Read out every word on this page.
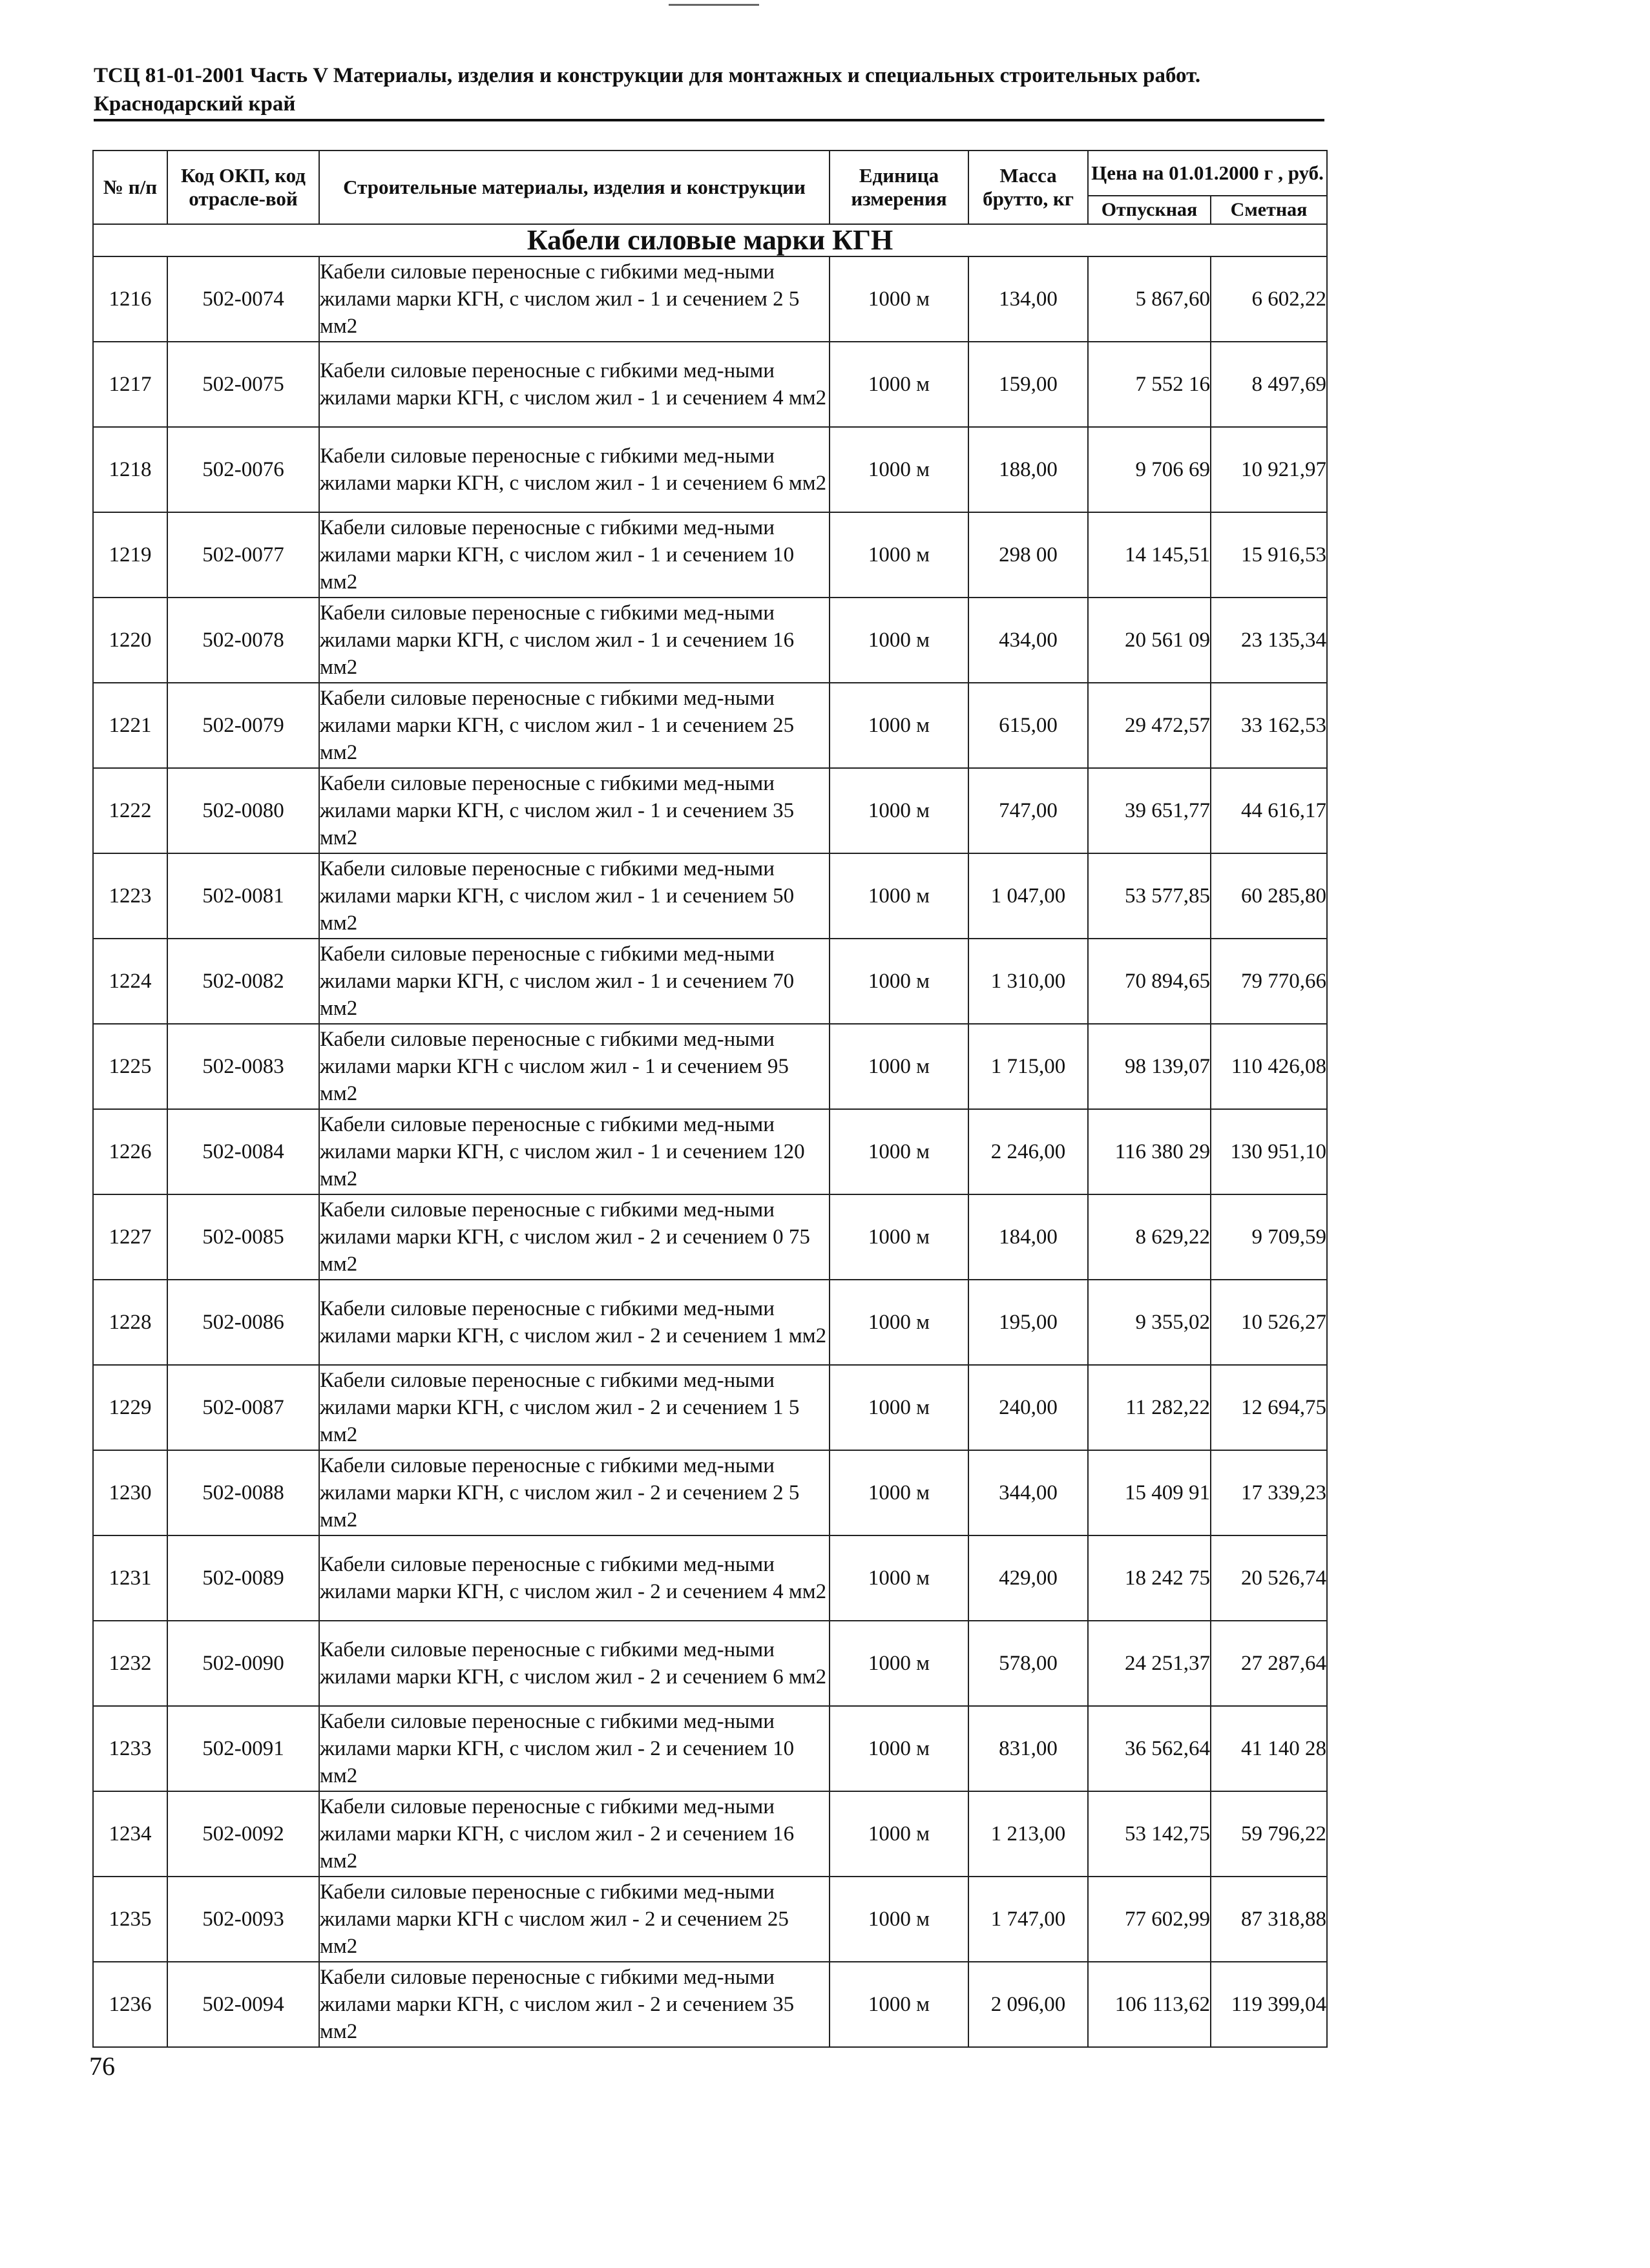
ТСЦ 81-01-2001 Часть V Материалы, изделия и конструкции для монтажных и специальных строительных работ.
Краснодарский край
№ п/п	Код ОКП, код отрасле-вой	Строительные материалы, изделия и конструкции	Единица измерения	Масса брутто, кг	Цена на 01.01.2000 г , руб.	
					Отпускная	Сметная
Кабели силовые марки КГН						
1216	502-0074	Кабели силовые переносные с гибкими мед-ными жилами марки КГН, с числом жил - 1 и сечением 2 5 мм2	1000 м	134,00	5 867,60	6 602,22
1217	502-0075	Кабели силовые переносные с гибкими мед-ными жилами марки КГН, с числом жил - 1 и сечением 4 мм2	1000 м	159,00	7 552 16	8 497,69
1218	502-0076	Кабели силовые переносные с гибкими мед-ными жилами марки КГН, с числом жил - 1 и сечением 6 мм2	1000 м	188,00	9 706 69	10 921,97
1219	502-0077	Кабели силовые переносные с гибкими мед-ными жилами марки КГН, с числом жил - 1 и сечением 10 мм2	1000 м	298 00	14 145,51	15 916,53
1220	502-0078	Кабели силовые переносные с гибкими мед-ными жилами марки КГН, с числом жил - 1 и сечением 16 мм2	1000 м	434,00	20 561 09	23 135,34
1221	502-0079	Кабели силовые переносные с гибкими мед-ными жилами марки КГН, с числом жил - 1 и сечением 25 мм2	1000 м	615,00	29 472,57	33 162,53
1222	502-0080	Кабели силовые переносные с гибкими мед-ными жилами марки КГН, с числом жил - 1 и сечением 35 мм2	1000 м	747,00	39 651,77	44 616,17
1223	502-0081	Кабели силовые переносные с гибкими мед-ными жилами марки КГН, с числом жил - 1 и сечением 50 мм2	1000 м	1 047,00	53 577,85	60 285,80
1224	502-0082	Кабели силовые переносные с гибкими мед-ными жилами марки КГН, с числом жил - 1 и сечением 70 мм2	1000 м	1 310,00	70 894,65	79 770,66
1225	502-0083	Кабели силовые переносные с гибкими мед-ными жилами марки КГН с числом жил - 1 и сечением 95 мм2	1000 м	1 715,00	98 139,07	110 426,08
1226	502-0084	Кабели силовые переносные с гибкими мед-ными жилами марки КГН, с числом жил - 1 и сечением 120 мм2	1000 м	2 246,00	116 380 29	130 951,10
1227	502-0085	Кабели силовые переносные с гибкими мед-ными жилами марки КГН, с числом жил - 2 и сечением 0 75 мм2	1000 м	184,00	8 629,22	9 709,59
1228	502-0086	Кабели силовые переносные с гибкими мед-ными жилами марки КГН, с числом жил - 2 и сечением 1 мм2	1000 м	195,00	9 355,02	10 526,27
1229	502-0087	Кабели силовые переносные с гибкими мед-ными жилами марки КГН, с числом жил - 2 и сечением 1 5 мм2	1000 м	240,00	11 282,22	12 694,75
1230	502-0088	Кабели силовые переносные с гибкими мед-ными жилами марки КГН, с числом жил - 2 и сечением 2 5 мм2	1000 м	344,00	15 409 91	17 339,23
1231	502-0089	Кабели силовые переносные с гибкими мед-ными жилами марки КГН, с числом жил - 2 и сечением 4 мм2	1000 м	429,00	18 242 75	20 526,74
1232	502-0090	Кабели силовые переносные с гибкими мед-ными жилами марки КГН, с числом жил - 2 и сечением 6 мм2	1000 м	578,00	24 251,37	27 287,64
1233	502-0091	Кабели силовые переносные с гибкими мед-ными жилами марки КГН, с числом жил - 2 и сечением 10 мм2	1000 м	831,00	36 562,64	41 140 28
1234	502-0092	Кабели силовые переносные с гибкими мед-ными жилами марки КГН, с числом жил - 2 и сечением 16 мм2	1000 м	1 213,00	53 142,75	59 796,22
1235	502-0093	Кабели силовые переносные с гибкими мед-ными жилами марки КГН с числом жил - 2 и сечением 25 мм2	1000 м	1 747,00	77 602,99	87 318,88
1236	502-0094	Кабели силовые переносные с гибкими мед-ными жилами марки КГН, с числом жил - 2 и сечением 35 мм2	1000 м	2 096,00	106 113,62	119 399,04
76
